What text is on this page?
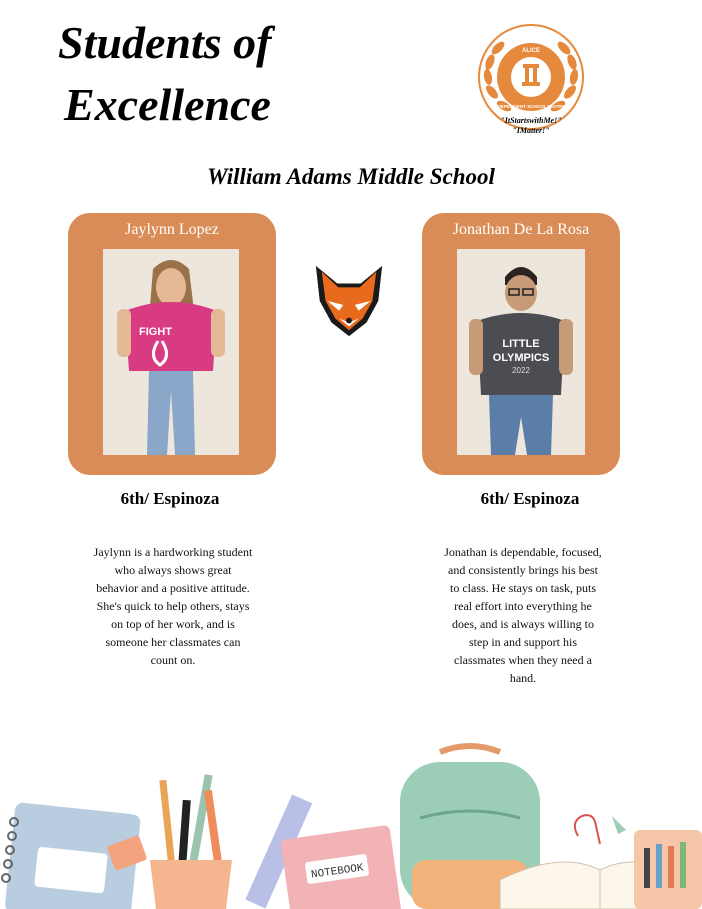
Students of
Excellence
ALICE
INDEPENDENT SCHOOL DISTRICT
"ItStartswithMe!"
"IMatter!"
William Adams Middle School
Jaylynn Lopez
FIGHT
Jonathan De La Rosa
LITTLE
OLYMPICS
2022
6th/ Espinoza	6th/ Espinoza
Jaylynn is a hardworking student who always shows great behavior and a positive attitude. She's quick to help others, stays on top of her work, and is someone her classmates can count on.
Jonathan is dependable, focused, and consistently brings his best to class. He stays on task, puts real effort into everything he does, and is always willing to step in and support his classmates when they need a hand.
NOTEBOOK
